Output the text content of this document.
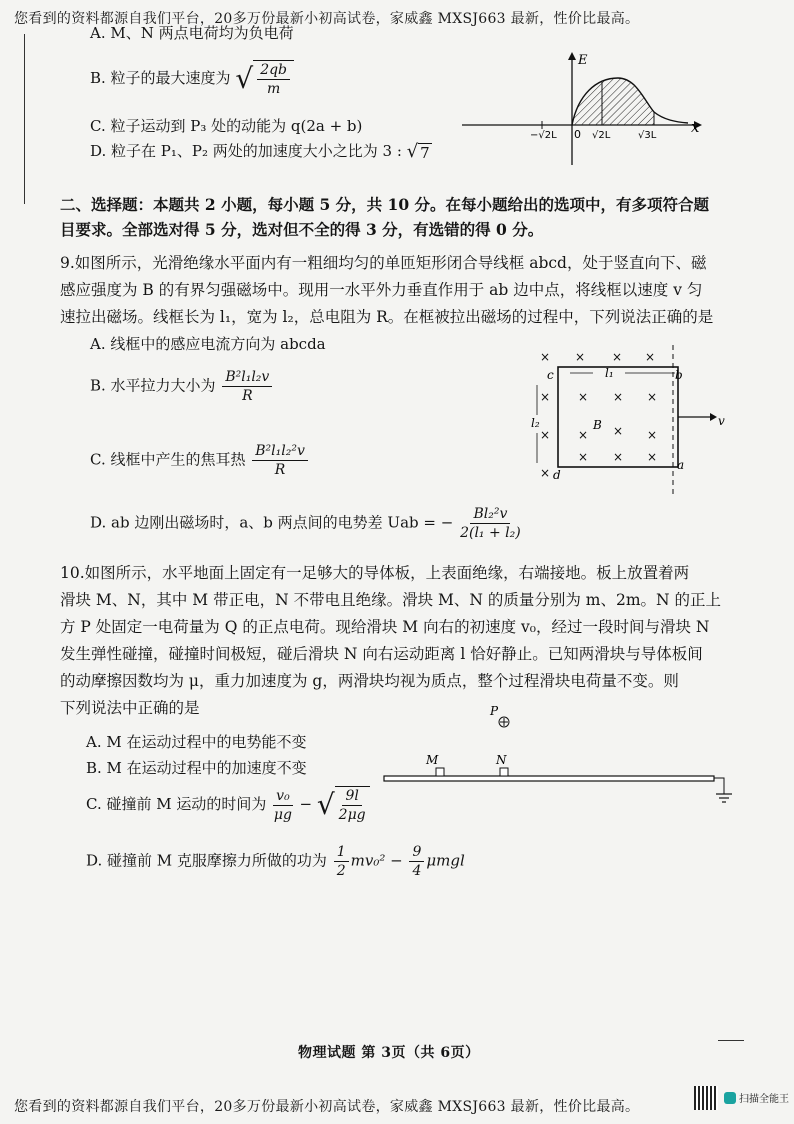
您看到的资料都源自我们平台，20多万份最新小初高试卷，家威鑫 MXSJ663 最新，性价比最高。
A. M、N 两点电荷均为负电荷
B. 粒子的最大速度为 √ $\frac{2qb}{m}$
C. 粒子运动到 P₃ 处的动能为 q(2a + b)
D. 粒子在 P₁、P₂ 两处的加速度大小之比为 3 : √ 7
E
x
0
−√2L	√2L	√3L
二、选择题：本题共 2 小题，每小题 5 分，共 10 分。在每小题给出的选项中，有多项符合题
目要求。全部选对得 5 分，选对但不全的得 3 分，有选错的得 0 分。
9.如图所示，光滑绝缘水平面内有一粗细均匀的单匝矩形闭合导线框 abcd，处于竖直向下、磁
感应强度为 B 的有界匀强磁场中。现用一水平外力垂直作用于 ab 边中点，将线框以速度 v 匀
速拉出磁场。线框长为 l₁，宽为 l₂，总电阻为 R。在框被拉出磁场的过程中，下列说法正确的是
A. 线框中的感应电流方向为 abcda
B. 水平拉力大小为 $\frac{\text{B²l₁l₂v}}{R}$
C. 线框中产生的焦耳热 $\frac{\text{B²l₁l₂²v}}{R}$
D. ab 边刚出磁场时，a、b 两点间的电势差 Uab = − $\frac{\text{Bl₂²v}}{\text{2(l₁ + l₂)}}$
× × × ×
× × × ×
× × × ×
× × ×
×
l₁
l₂
c	b
d
a
B	v
10.如图所示，水平地面上固定有一足够大的导体板，上表面绝缘，右端接地。板上放置着两
滑块 M、N，其中 M 带正电，N 不带电且绝缘。滑块 M、N 的质量分别为 m、2m。N 的正上
方 P 处固定一电荷量为 Q 的正点电荷。现给滑块 M 向右的初速度 v₀，经过一段时间与滑块 N
发生弹性碰撞，碰撞时间极短，碰后滑块 N 向右运动距离 l 恰好静止。已知两滑块与导体板间
的动摩擦因数均为 μ，重力加速度为 g，两滑块均视为质点，整个过程滑块电荷量不变。则
下列说法中正确的是
A. M 在运动过程中的电势能不变
B. M 在运动过程中的加速度不变
C. 碰撞前 M 运动的时间为 $\frac{\text{v₀}}{\mu g}$ − √ $\frac{9l}{2\mu g}$
D. 碰撞前 M 克服摩擦力所做的功为 $\frac{1}{2} mv_0^2 - \frac{9}{4}$ μmgl
P
M	N
物理试题 第 3页（共 6页）
您看到的资料都源自我们平台，20多万份最新小初高试卷，家威鑫 MXSJ663 最新，性价比最高。	扫描全能王
